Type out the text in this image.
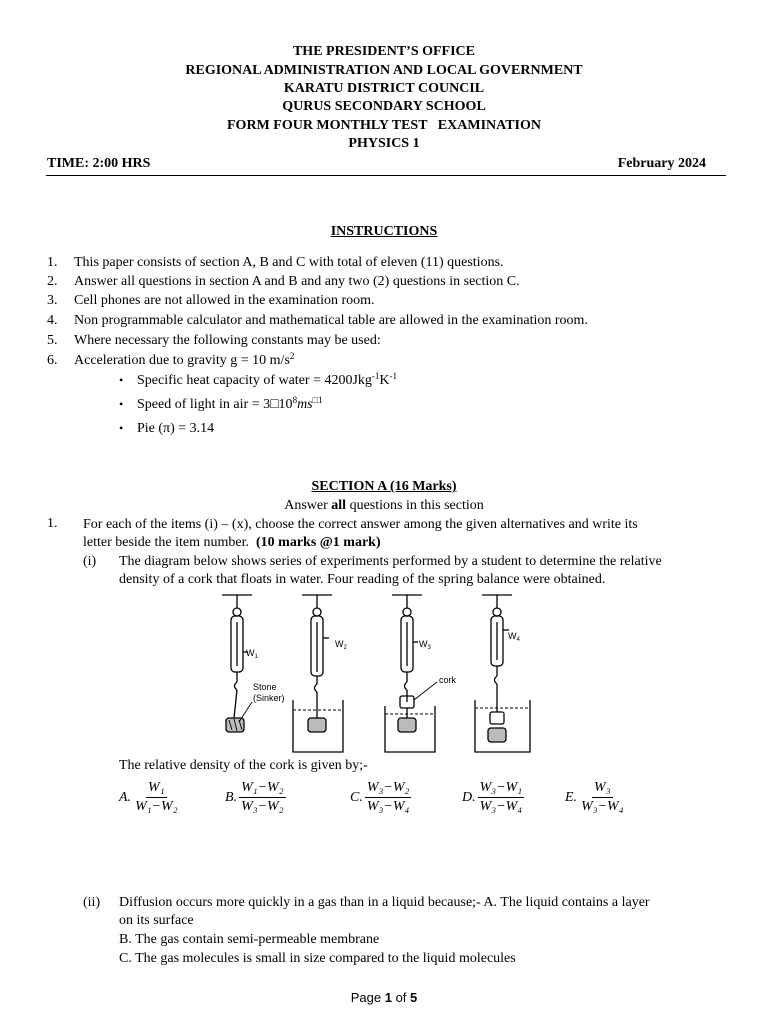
THE PRESIDENT’S OFFICE
REGIONAL ADMINISTRATION AND LOCAL GOVERNMENT
KARATU DISTRICT COUNCIL
QURUS SECONDARY SCHOOL
FORM FOUR MONTHLY TEST   EXAMINATION
PHYSICS 1
TIME: 2:00 HRS	February 2024
INSTRUCTIONS
1. This paper consists of section A, B and C with total of eleven (11) questions.
2. Answer all questions in section A and B and any two (2) questions in section C.
3. Cell phones are not allowed in the examination room.
4. Non programmable calculator and mathematical table are allowed in the examination room.
5. Where necessary the following constants may be used:
6. Acceleration due to gravity g = 10 $m/s^2$
• Specific heat capacity of water = $4200Jkg^{-1}K^{-1}$
• Speed of light in air = $3□10^8ms^{□1}$
• Pie (π) = 3.14
SECTION A (16 Marks)
Answer all questions in this section
1. For each of the items (i) – (x), choose the correct answer among the given alternatives and write its
letter beside the item number. (10 marks @1 mark)
(i) The diagram below shows series of experiments performed by a student to determine the relative
density of a cork that floats in water. Four reading of the spring balance were obtained.
$W_1$
$W_2$	$W_3$
$W_4$
Stone
(Sinker)
cork
The relative density of the cork is given by;-
A. $\frac{\text{W₁}}{\text{W₁−W₂}}$	B. $\frac{\text{W₁−W₂}}{\text{W₃−W₂}}$	C. $\frac{\text{W₃−W₂}}{\text{W₃−W₄}}$	D. $\frac{\text{W₃−W₁}}{\text{W₃−W₄}}$	E. $\frac{\text{W₃}}{\text{W₃−W₄}}$
(ii) Diffusion occurs more quickly in a gas than in a liquid because;- A. The liquid contains a layer
on its surface
B. The gas contain semi-permeable membrane
C. The gas molecules is small in size compared to the liquid molecules
Page 1 of 5
